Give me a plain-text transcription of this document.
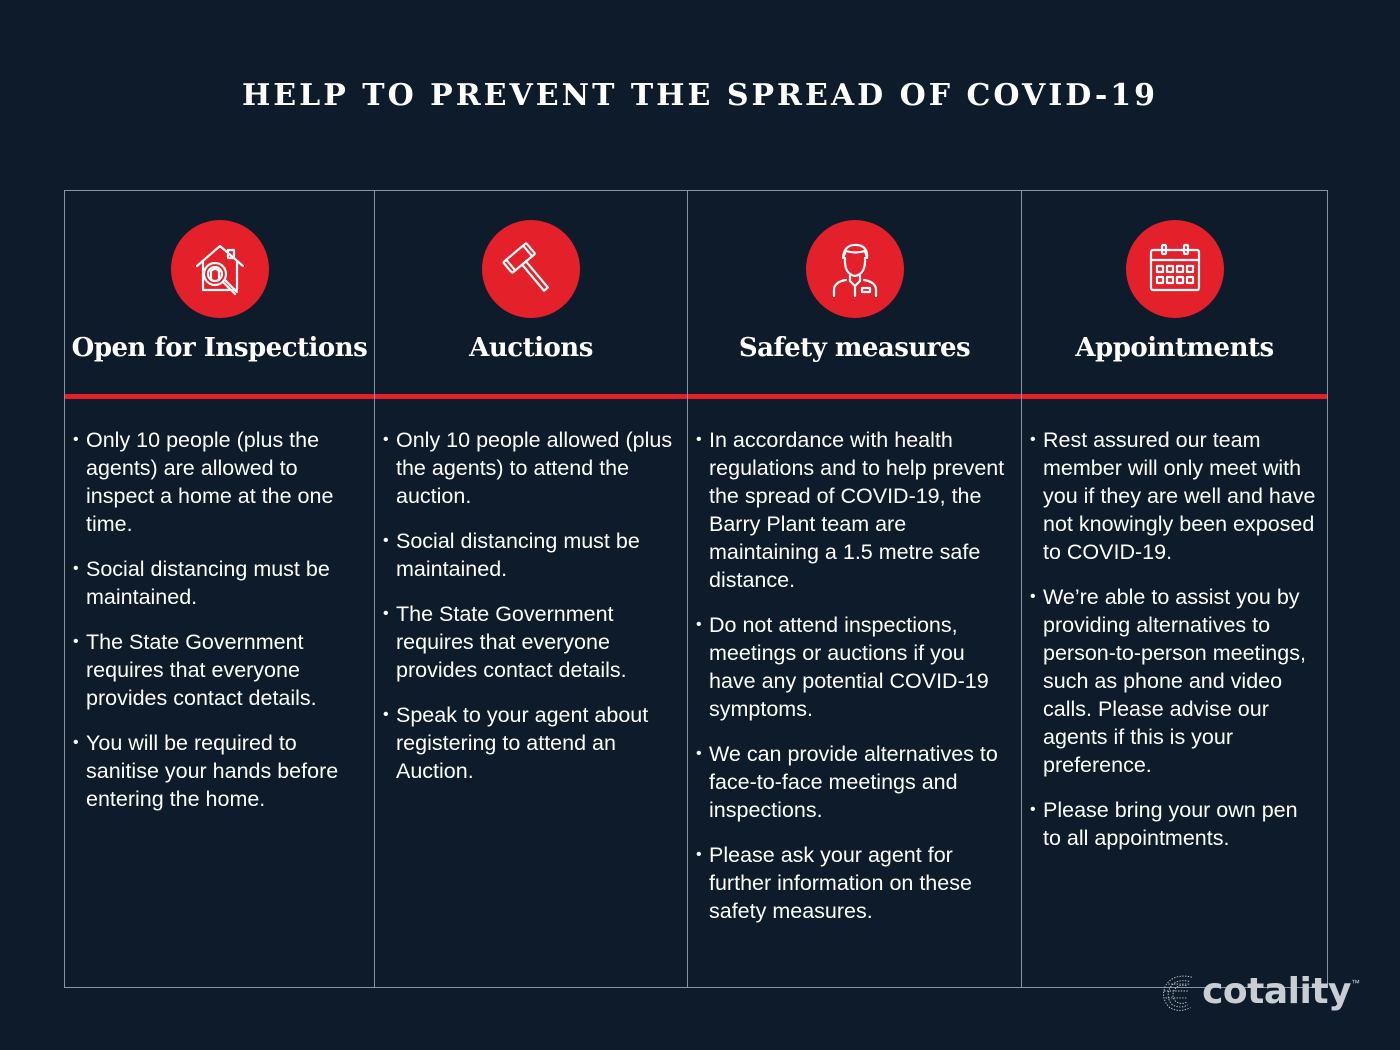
HELP TO PREVENT THE SPREAD OF COVID-19
Open for Inspections
• Only 10 people (plus the agents) are allowed to inspect a home at the one time.
• Social distancing must be maintained.
• The State Government requires that everyone provides contact details.
• You will be required to sanitise your hands before entering the home.
Auctions
• Only 10 people allowed (plus the agents) to attend the auction.
• Social distancing must be maintained.
• The State Government requires that everyone provides contact details.
• Speak to your agent about registering to attend an Auction.
Safety measures
• In accordance with health regulations and to help prevent the spread of COVID-19, the Barry Plant team are maintaining a 1.5 metre safe distance.
• Do not attend inspections, meetings or auctions if you have any potential COVID-19 symptoms.
• We can provide alternatives to face-to-face meetings and inspections.
• Please ask your agent for further information on these safety measures.
Appointments
• Rest assured our team member will only meet with you if they are well and have not knowingly been exposed to COVID-19.
• We’re able to assist you by providing alternatives to person-to-person meetings, such as phone and video calls. Please advise our agents if this is your preference.
• Please bring your own pen to all appointments.
cotality ™
